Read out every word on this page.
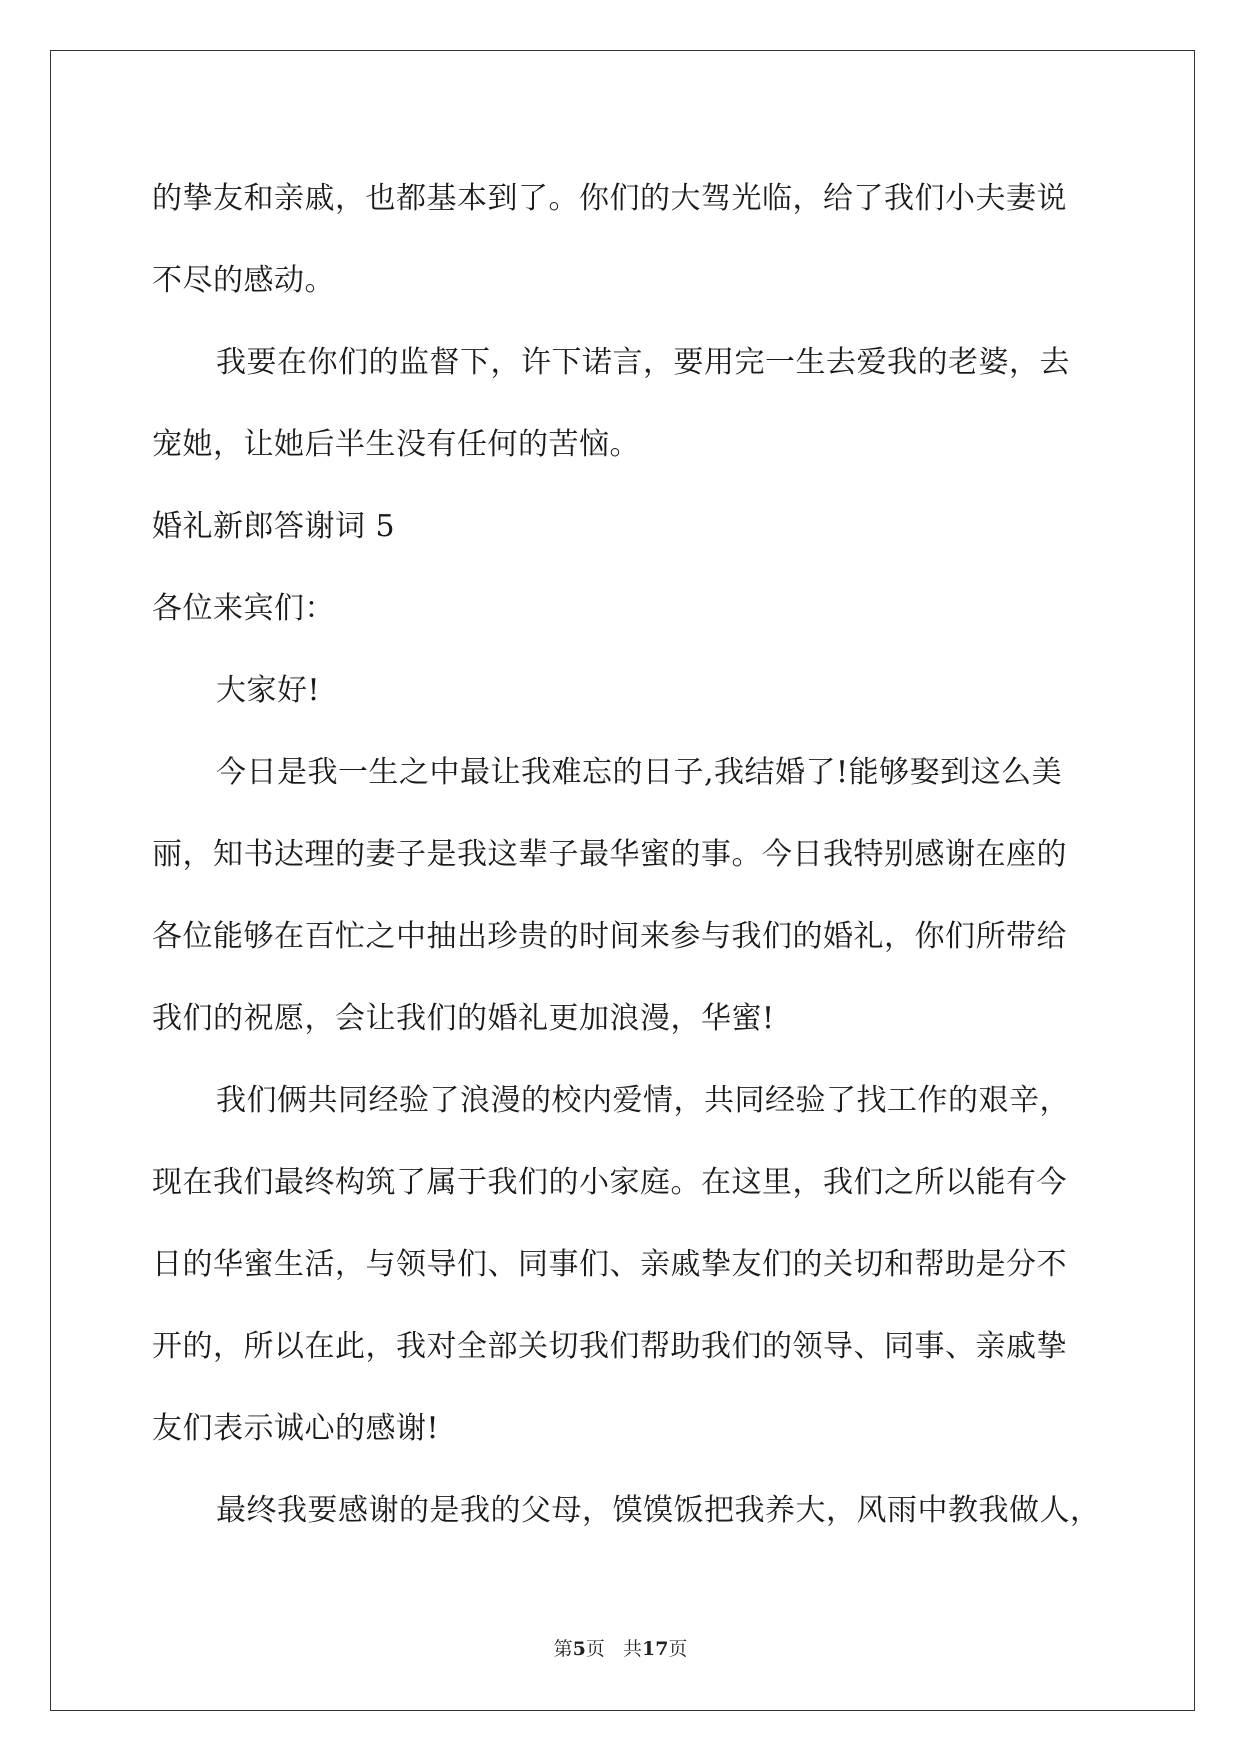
的挚友和亲戚，也都基本到了。你们的大驾光临，给了我们小夫妻说
不尽的感动。
我要在你们的监督下，许下诺言，要用完一生去爱我的老婆，去
宠她，让她后半生没有任何的苦恼。
婚礼新郎答谢词 5
各位来宾们：
大家好!
今日是我一生之中最让我难忘的日子,我结婚了!能够娶到这么美
丽，知书达理的妻子是我这辈子最华蜜的事。今日我特别感谢在座的
各位能够在百忙之中抽出珍贵的时间来参与我们的婚礼，你们所带给
我们的祝愿，会让我们的婚礼更加浪漫，华蜜!
我们俩共同经验了浪漫的校内爱情，共同经验了找工作的艰辛，
现在我们最终构筑了属于我们的小家庭。在这里，我们之所以能有今
日的华蜜生活，与领导们、同事们、亲戚挚友们的关切和帮助是分不
开的，所以在此，我对全部关切我们帮助我们的领导、同事、亲戚挚
友们表示诚心的感谢!
最终我要感谢的是我的父母，馍馍饭把我养大，风雨中教我做人，
第5页 共17页
